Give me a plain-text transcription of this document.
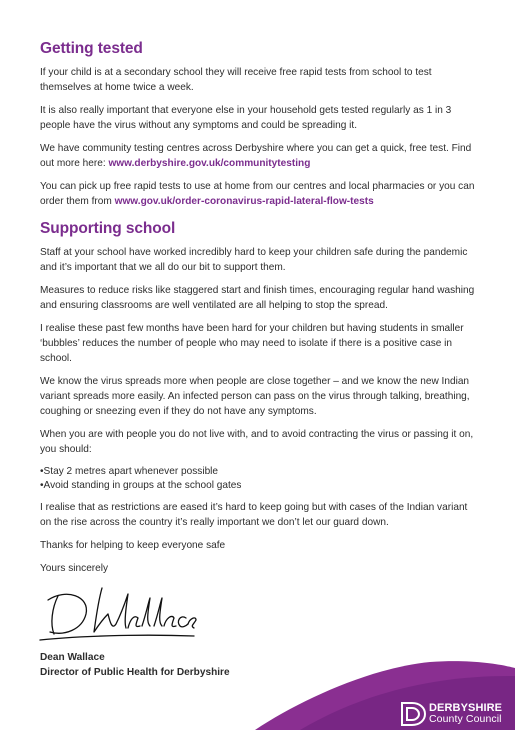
Getting tested

If your child is at a secondary school they will receive free rapid tests from school to test themselves at home twice a week.

It is also really important that everyone else in your household gets tested regularly as 1 in 3 people have the virus without any symptoms and could be spreading it.

We have community testing centres across Derbyshire where you can get a quick, free test. Find out more here: www.derbyshire.gov.uk/communitytesting

You can pick up free rapid tests to use at home from our centres and local pharmacies or you can order them from www.gov.uk/order-coronavirus-rapid-lateral-flow-tests

Supporting school

Staff at your school have worked incredibly hard to keep your children safe during the pandemic and it’s important that we all do our bit to support them.

Measures to reduce risks like staggered start and finish times, encouraging regular hand washing and ensuring classrooms are well ventilated are all helping to stop the spread.

I realise these past few months have been hard for your children but having students in smaller ‘bubbles’ reduces the number of people who may need to isolate if there is a positive case in school.

We know the virus spreads more when people are close together – and we know the new Indian variant spreads more easily. An infected person can pass on the virus through talking, breathing, coughing or sneezing even if they do not have any symptoms.

When you are with people you do not live with, and to avoid contracting the virus or passing it on, you should:

• Stay 2 metres apart whenever possible
• Avoid standing in groups at the school gates

I realise that as restrictions are eased it’s hard to keep going but with cases of the Indian variant on the rise across the country it’s really important we don’t let our guard down.

Thanks for helping to keep everyone safe

Yours sincerely

Dean Wallace

Director of Public Health for Derbyshire

DERBYSHIRE
County Council
